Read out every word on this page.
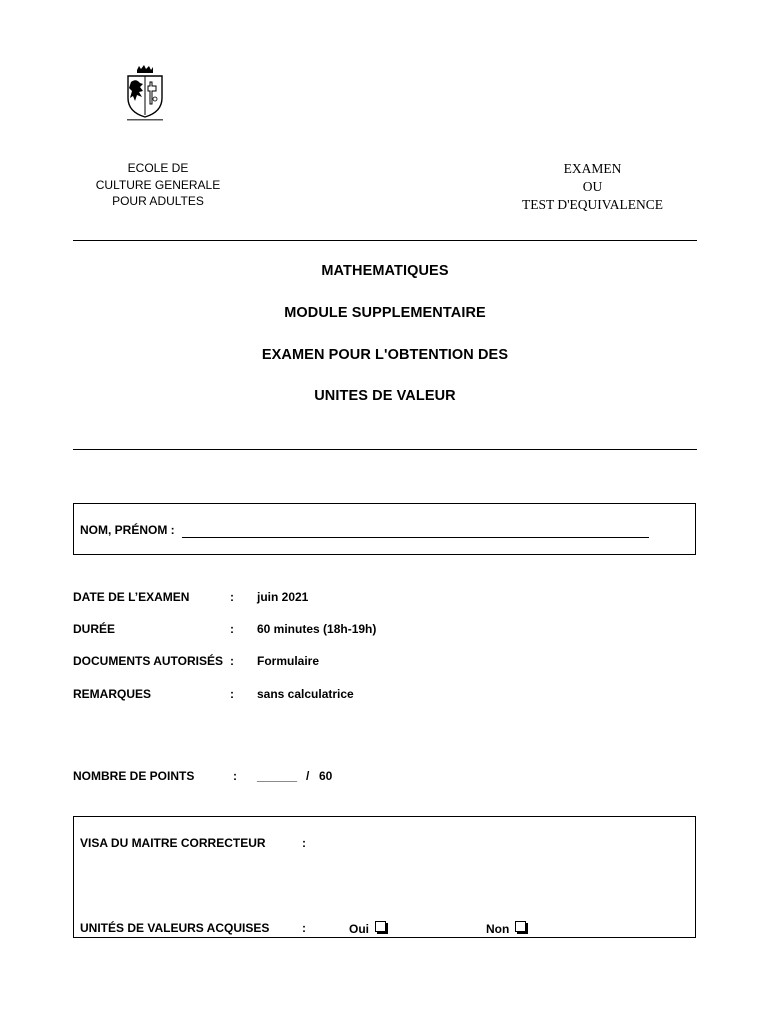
ECOLE DE
CULTURE GENERALE
POUR ADULTES
EXAMEN
OU
TEST D'EQUIVALENCE
MATHEMATIQUES
MODULE SUPPLEMENTAIRE
EXAMEN POUR L'OBTENTION DES
UNITES DE VALEUR
NOM, PRÉNOM :
DATE DE L’EXAMEN	: juin 2021
DURÉE	: 60 minutes (18h-19h)
DOCUMENTS AUTORISÉS : Formulaire
REMARQUES	: sans calculatrice
NOMBRE DE POINTS	: ______ / 60
VISA DU MAITRE CORRECTEUR	:
UNITÉS DE VALEURS ACQUISES	:	Oui	Non
